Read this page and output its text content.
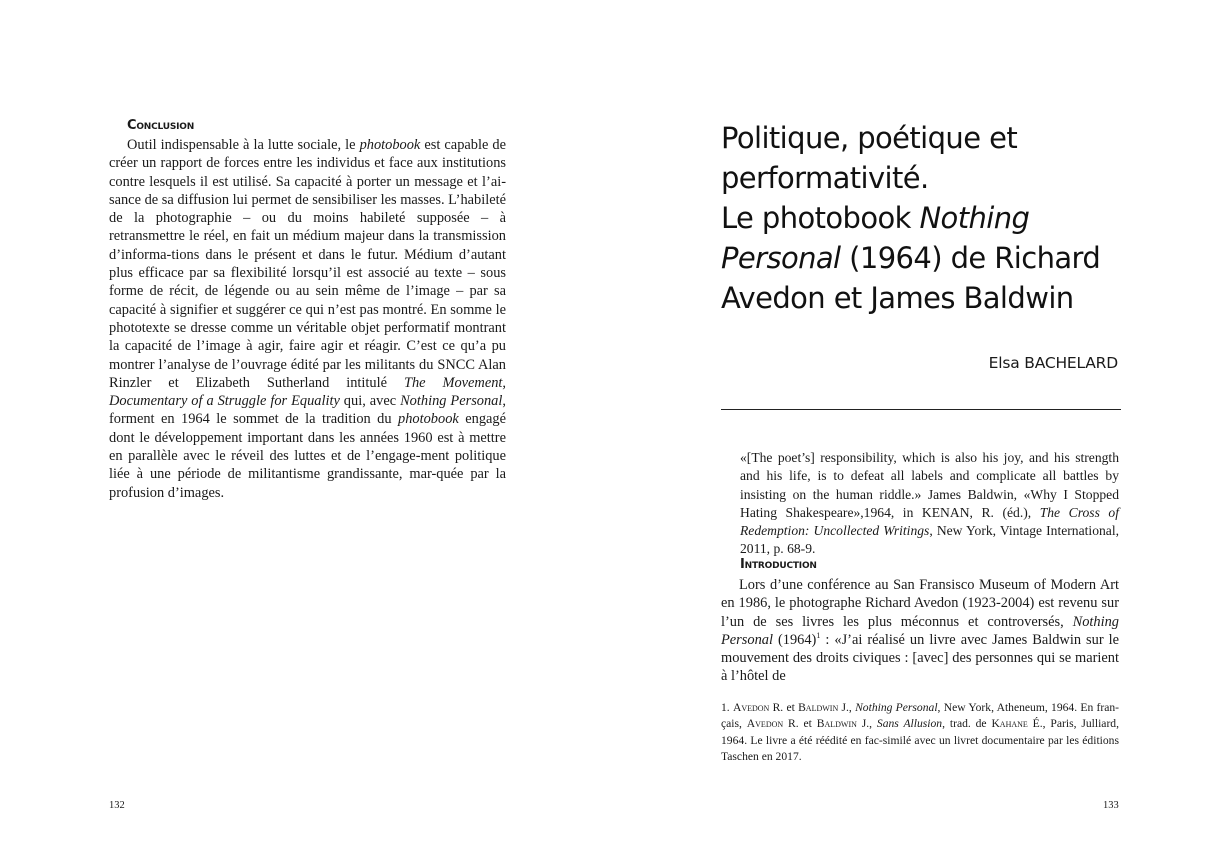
Conclusion

Outil indispensable à la lutte sociale, le photobook est capable de créer un rapport de forces entre les individus et face aux institutions contre lesquels il est utilisé. Sa capacité à porter un message et l’ai-sance de sa diffusion lui permet de sensibiliser les masses. L’habileté de la photographie – ou du moins habileté supposée – à retransmettre le réel, en fait un médium majeur dans la transmission d’informa-tions dans le présent et dans le futur. Médium d’autant plus efficace par sa flexibilité lorsqu’il est associé au texte – sous forme de récit, de légende ou au sein même de l’image – par sa capacité à signifier et suggérer ce qui n’est pas montré. En somme le phototexte se dresse comme un véritable objet performatif montrant la capacité de l’image à agir, faire agir et réagir. C’est ce qu’a pu montrer l’analyse de l’ouvrage édité par les militants du SNCC Alan Rinzler et Elizabeth Sutherland intitulé The Movement, Documentary of a Struggle for Equality qui, avec Nothing Personal, forment en 1964 le sommet de la tradition du photobook engagé dont le développement important dans les années 1960 est à mettre en parallèle avec le réveil des luttes et de l’engage-ment politique liée à une période de militantisme grandissante, mar-quée par la profusion d’images.

132
Politique, poétique et performativité.
Le photobook Nothing Personal (1964) de Richard Avedon et James Baldwin
Elsa BACHELARD

«[The poet’s] responsibility, which is also his joy, and his strength and his life, is to defeat all labels and complicate all battles by insisting on the human riddle.» James Baldwin, «Why I Stopped Hating Shakespeare»,1964, in KENAN, R. (éd.), The Cross of Redemption: Uncollected Writings, New York, Vintage International, 2011, p. 68-9.

Introduction

Lors d’une conférence au San Fransisco Museum of Modern Art en 1986, le photographe Richard Avedon (1923-2004) est revenu sur l’un de ses livres les plus méconnus et controversés, Nothing Personal $(1964)^1$ : «J’ai réalisé un livre avec James Baldwin sur le mouvement des droits civiques : [avec] des personnes qui se marient à l’hôtel de

1. Avedon R. et Baldwin J., Nothing Personal, New York, Atheneum, 1964. En fran-çais, Avedon R. et Baldwin J., Sans Allusion, trad. de Kahane É., Paris, Julliard, 1964. Le livre a été réédité en fac-similé avec un livret documentaire par les éditions Taschen en 2017.

133
